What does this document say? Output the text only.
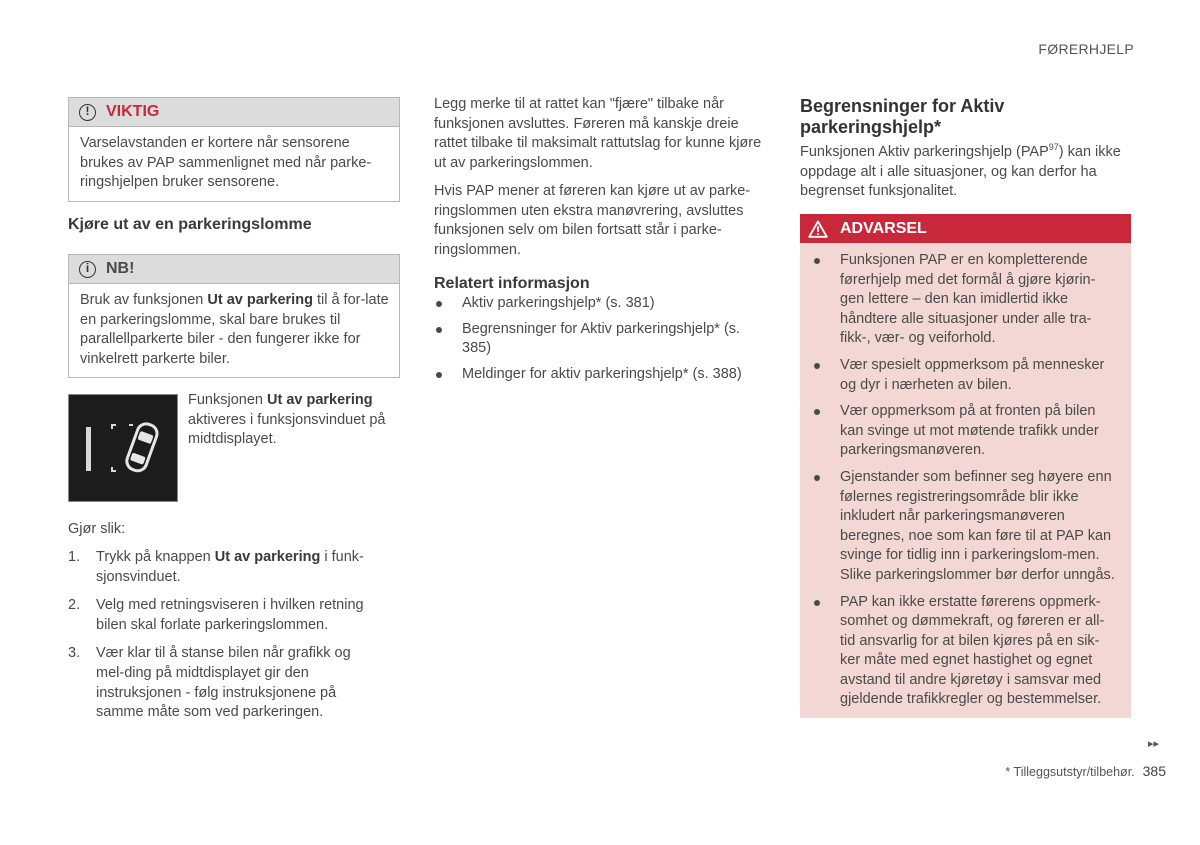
FØRERHJELP
!	VIKTIG

Varselavstanden er kortere når sensorene brukes av PAP sammenlignet med når parke-ringshjelpen bruker sensorene.

Kjøre ut av en parkeringslomme
i	NB!

Bruk av funksjonen Ut av parkering til å for-late en parkeringslomme, skal bare brukes til parallellparkerte biler - den fungerer ikke for vinkelrett parkerte biler.

Funksjonen Ut av parkering aktiveres i funksjonsvinduet på midtdisplayet.

Gjør slik:

1. Trykk på knappen Ut av parkering i funk-sjonsvinduet.
2. Velg med retningsviseren i hvilken retning bilen skal forlate parkeringslommen.
3. Vær klar til å stanse bilen når grafikk og mel-ding på midtdisplayet gir den instruksjonen - følg instruksjonene på samme måte som ved parkeringen.

Legg merke til at rattet kan "fjære" tilbake når funksjonen avsluttes. Føreren må kanskje dreie rattet tilbake til maksimalt rattutslag for kunne kjøre ut av parkeringslommen.

Hvis PAP mener at føreren kan kjøre ut av parke-ringslommen uten ekstra manøvrering, avsluttes funksjonen selv om bilen fortsatt står i parke-ringslommen.

Relatert informasjon
Aktiv parkeringshjelp* (s. 381)
Begrensninger for Aktiv parkeringshjelp* (s. 385)
Meldinger for aktiv parkeringshjelp* (s. 388)
Begrensninger for Aktiv parkeringshjelp*

Funksjonen Aktiv parkeringshjelp (PAP$^{97}$) kan ikke oppdage alt i alle situasjoner, og kan derfor ha begrenset funksjonalitet.

ADVARSEL
Funksjonen PAP er en kompletterende førerhjelp med det formål å gjøre kjørin-gen lettere – den kan imidlertid ikke håndtere alle situasjoner under alle tra-fikk-, vær- og veiforhold.
Vær spesielt oppmerksom på mennesker og dyr i nærheten av bilen.
Vær oppmerksom på at fronten på bilen kan svinge ut mot møtende trafikk under parkeringsmanøveren.
Gjenstander som befinner seg høyere enn følernes registreringsområde blir ikke inkludert når parkeringsmanøveren beregnes, noe som kan føre til at PAP kan svinge for tidlig inn i parkeringslom-men. Slike parkeringslommer bør derfor unngås.
PAP kan ikke erstatte førerens oppmerk-somhet og dømmekraft, og føreren er all-tid ansvarlig for at bilen kjøres på en sik-ker måte med egnet hastighet og egnet avstand til andre kjøretøy i samsvar med gjeldende trafikkregler og bestemmelser.
▸▸
* Tilleggsutstyr/tilbehør. 385
